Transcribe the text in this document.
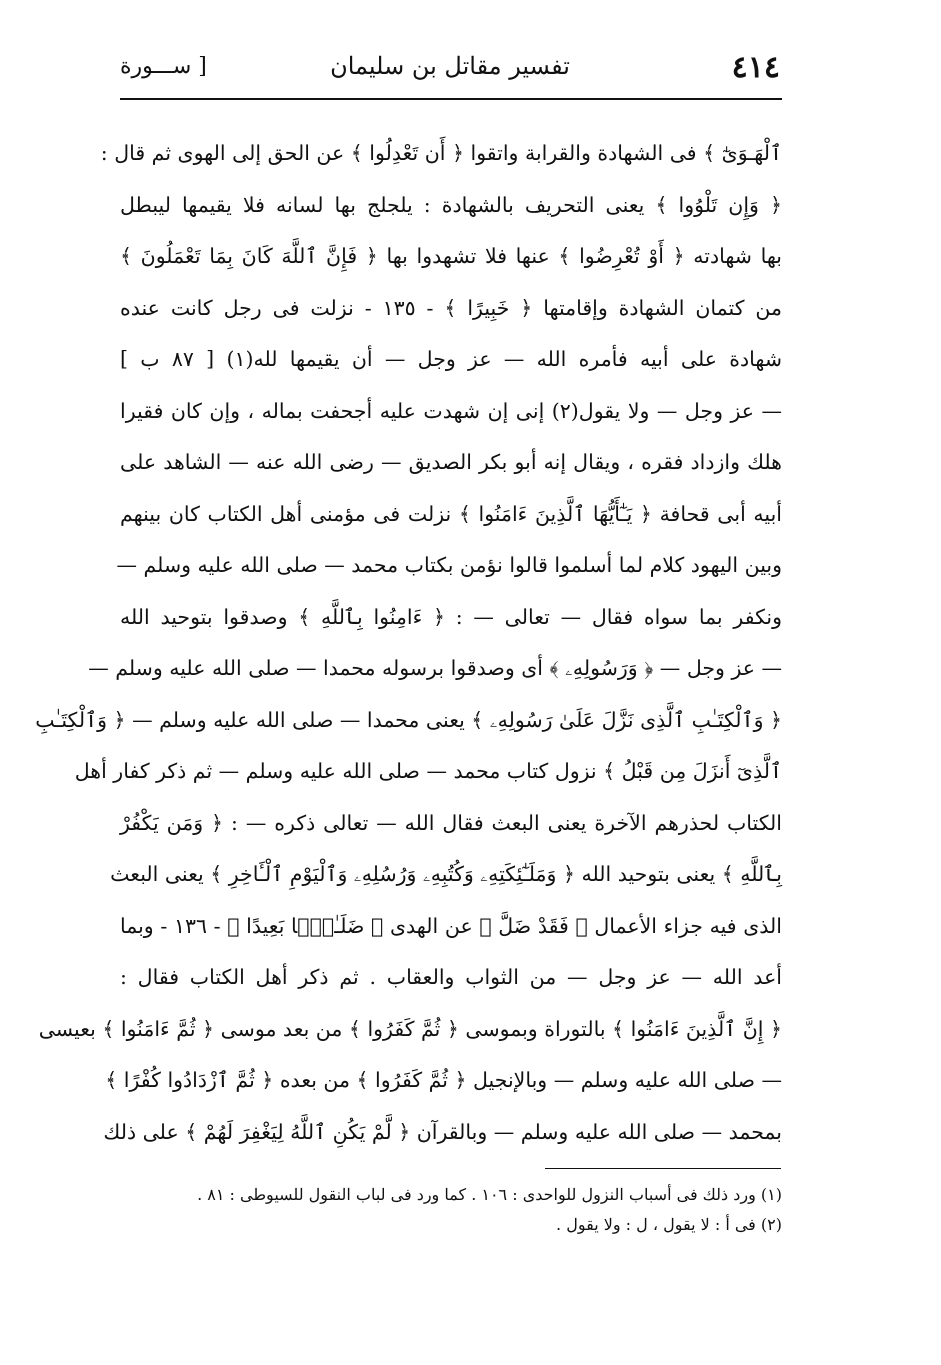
٤١٤
تفسير مقاتل بن سليمان
[ ســـورة
ٱلْهَـوَىٰٓ ﴾ فى الشهادة والقرابة واتقوا ﴿ أَن تَعْدِلُوا ﴾ عن الحق إلى الهوى ثم قال :
﴿ وَإِن تَلْوُوا ﴾ يعنى التحريف بالشهادة : يلجلج بها لسانه فلا يقيمها ليبطل
بها شهادته ﴿ أَوْ تُعْرِضُوا ﴾ عنها فلا تشهدوا بها ﴿ فَإِنَّ ٱللَّهَ كَانَ بِمَا تَعْمَلُونَ ﴾
من كتمان الشهادة وإقامتها ﴿ خَبِيرًا ﴾ - ١٣٥ - نزلت فى رجل كانت عنده
شهادة على أبيه فأمره الله — عز وجل — أن يقيمها لله(١) [ ٨٧ ب ]
— عز وجل — ولا يقول(٢) إنى إن شهدت عليه أجحفت بماله ، وإن كان فقيرا
هلك وازداد فقره ، ويقال إنه أبو بكر الصديق — رضى الله عنه — الشاهد على
أبيه أبى قحافة ﴿ يَـٰٓأَيُّهَا ٱلَّذِينَ ءَامَنُوا ﴾ نزلت فى مؤمنى أهل الكتاب كان بينهم
وبين اليهود كلام لما أسلموا قالوا نؤمن بكتاب محمد — صلى الله عليه وسلم —
ونكفر بما سواه فقال — تعالى — : ﴿ ءَامِنُوا بِٱللَّهِ ﴾ وصدقوا بتوحيد الله
— عز وجل — ﴿ وَرَسُولِهِۦ ﴾ أى وصدقوا برسوله محمدا — صلى الله عليه وسلم —
﴿ وَٱلْكِتَـٰبِ ٱلَّذِى نَزَّلَ عَلَىٰ رَسُولِهِۦ ﴾ يعنى محمدا — صلى الله عليه وسلم — ﴿ وَٱلْكِتَـٰبِ
ٱلَّذِىٓ أَنزَلَ مِن قَبْلُ ﴾ نزول كتاب محمد — صلى الله عليه وسلم — ثم ذكر كفار أهل
الكتاب لحذرهم الآخرة يعنى البعث فقال الله — تعالى ذكره — : ﴿ وَمَن يَكْفُرْ
بِٱللَّهِ ﴾ يعنى بتوحيد الله ﴿ وَمَلَـٰٓئِكَتِهِۦ وَكُتُبِهِۦ وَرُسُلِهِۦ وَٱلْيَوْمِ ٱلْـَٔاخِرِ ﴾ يعنى البعث
الذى فيه جزاء الأعمال ﴿ فَقَدْ ضَلَّ ﴾ عن الهدى ﴿ ضَلَـٰلًۢا بَعِيدًا ﴾ - ١٣٦ - وبما
أعد الله — عز وجل — من الثواب والعقاب . ثم ذكر أهل الكتاب فقال :
﴿ إِنَّ ٱلَّذِينَ ءَامَنُوا ﴾ بالتوراة وبموسى ﴿ ثُمَّ كَفَرُوا ﴾ من بعد موسى ﴿ ثُمَّ ءَامَنُوا ﴾ بعيسى
— صلى الله عليه وسلم — وبالإنجيل ﴿ ثُمَّ كَفَرُوا ﴾ من بعده ﴿ ثُمَّ ٱزْدَادُوا كُفْرًا ﴾
بمحمد — صلى الله عليه وسلم — وبالقرآن ﴿ لَّمْ يَكُنِ ٱللَّهُ لِيَغْفِرَ لَهُمْ ﴾ على ذلك
(١) ورد ذلك فى أسباب النزول للواحدى : ١٠٦ . كما ورد فى لباب النقول للسيوطى : ٨١ .
(٢) فى أ : لا يقول ، ل : ولا يقول .
